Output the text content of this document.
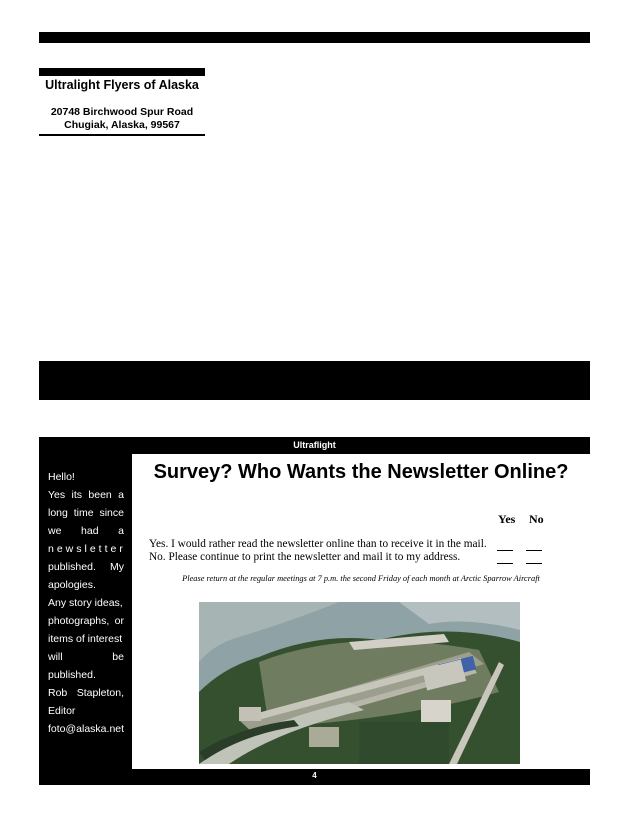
Ultralight Flyers of Alaska
20748 Birchwood Spur Road
Chugiak, Alaska, 99567
Ultraflight
Hello!
Yes its been a
long time since
we had a
newsletter
published. My
apologies.
Any story ideas,
photographs, or
items of interest
will be published.
Rob Stapleton,
Editor
foto@alaska.net
Survey? Who Wants the Newsletter Online?
Yes No
Yes. I would rather read the newsletter online than to receive it in the mail.
No. Please continue to print the newsletter and mail it to my address.
Please return at the regular meetings at 7 p.m. the second Friday of each month at Arctic Sparrow Aircraft
4
